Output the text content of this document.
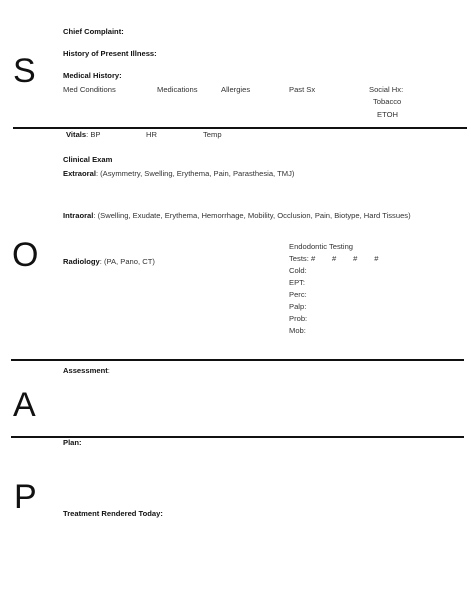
S
O
A
P
Chief Complaint:
History of Present Illness:
Medical History:
Med Conditions	Medications	Allergies	Past Sx	Social Hx:
Tobacco
ETOH
Vitals: BP	HR	Temp
Clinical Exam
Extraoral: (Asymmetry, Swelling, Erythema, Pain, Parasthesia, TMJ)
Intraoral: (Swelling, Exudate, Erythema, Hemorrhage, Mobility, Occlusion, Pain, Biotype, Hard Tissues)
Radiology: (PA, Pano, CT)
Endodontic Testing
Tests: #        #        #        #
Cold:
EPT:
Perc:
Palp:
Prob:
Mob:
Assessment:
Plan:
Treatment Rendered Today:
